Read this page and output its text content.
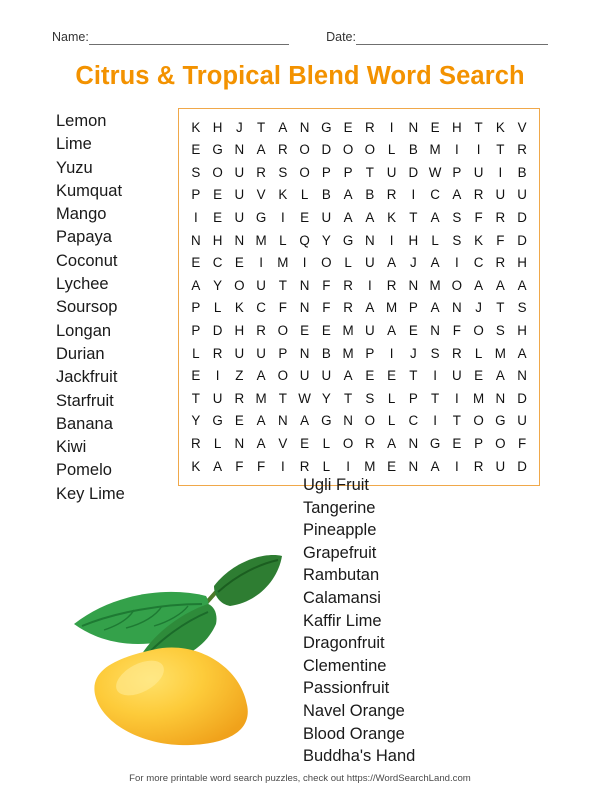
Name:	Date:
Citrus & Tropical Blend Word Search
Lemon
Lime
Yuzu
Kumquat
Mango
Papaya
Coconut
Lychee
Soursop
Longan
Durian
Jackfruit
Starfruit
Banana
Kiwi
Pomelo
Key Lime
K H J T A N G E R I N E H T K V
E G N A R O D O O L B M I I T R
S O U R S O P P T U D W P U I B
P E U V K L B A B R I C A R U U
I E U G I E U A A K T A S F R D
N H N M L Q Y G N I H L S K F D
E C E I M I O L U A J A I C R H
A Y O U T N F R I R N M O A A A
P L K C F N F R A M P A N J T S
P D H R O E E M U A E N F O S H
L R U U P N B M P I J S R L M A
E I Z A O U U A E E T I U E A N
T U R M T W Y T S L P T I M N D
Y G E A N A G N O L C I T O G U
R L N A V E L O R A N G E P O F
K A F F I R L I M E N A I R U D
Ugli Fruit
Tangerine
Pineapple
Grapefruit
Rambutan
Calamansi
Kaffir Lime
Dragonfruit
Clementine
Passionfruit
Navel Orange
Blood Orange
Buddha's Hand
For more printable word search puzzles, check out https://WordSearchLand.com
